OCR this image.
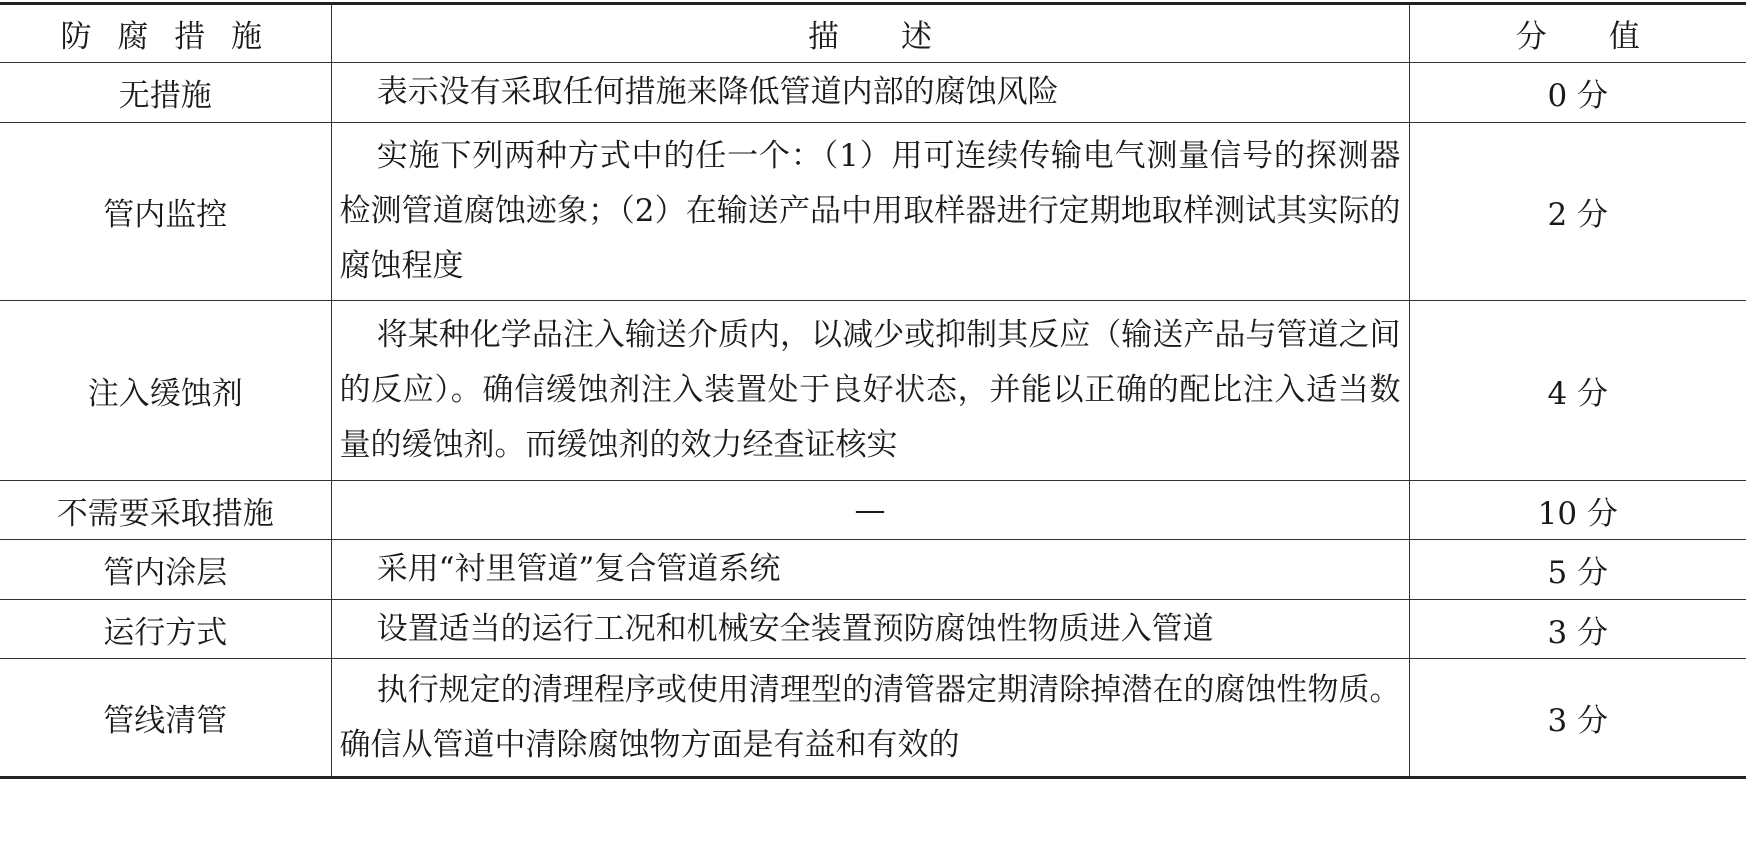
防 腐 措 施	描　　述	分　　值
无措施	表示没有采取任何措施来降低管道内部的腐蚀风险	0 分
管内监控	实施下列两种方式中的任一个：（1）用可连续传输电气测量信号的探测器检测管道腐蚀迹象；（2）在输送产品中用取样器进行定期地取样测试其实际的腐蚀程度	2 分
注入缓蚀剂	将某种化学品注入输送介质内，以减少或抑制其反应（输送产品与管道之间的反应）。确信缓蚀剂注入装置处于良好状态，并能以正确的配比注入适当数量的缓蚀剂。而缓蚀剂的效力经查证核实	4 分
不需要采取措施	—	10 分
管内涂层	采用“衬里管道”复合管道系统	5 分
运行方式	设置适当的运行工况和机械安全装置预防腐蚀性物质进入管道	3 分
管线清管	执行规定的清理程序或使用清理型的清管器定期清除掉潜在的腐蚀性物质。确信从管道中清除腐蚀物方面是有益和有效的	3 分
